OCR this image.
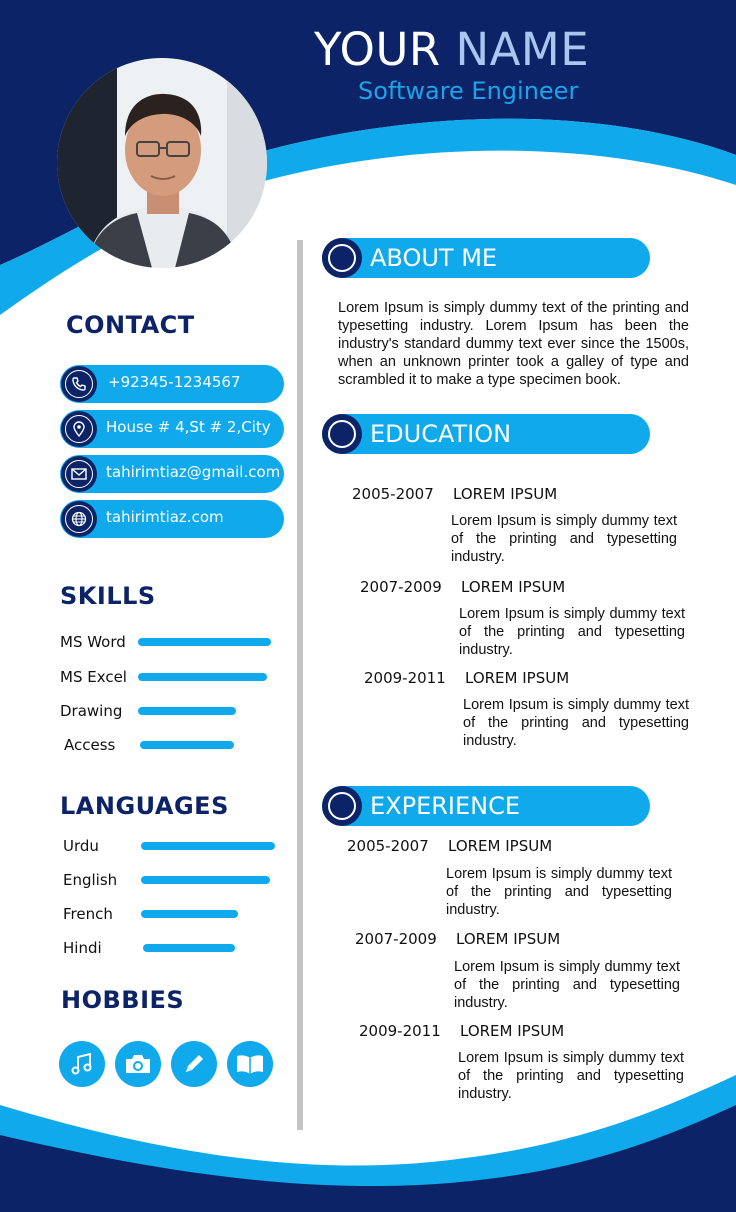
YOUR NAME
Software Engineer
CONTACT
+92345-1234567
House # 4,St # 2,City
tahirimtiaz@gmail.com
tahirimtiaz.com
SKILLS
MS Word
MS Excel
Drawing
Access
LANGUAGES
Urdu
English
French
Hindi
HOBBIES
ABOUT ME
Lorem Ipsum is simply dummy text of the printing and typesetting industry. Lorem Ipsum has been the industry's standard dummy text ever since the 1500s, when an unknown printer took a galley of type and scrambled it to make a type specimen book.
EDUCATION
2005-2007 LOREM IPSUM
Lorem Ipsum is simply dummy text of the printing and typesetting industry.
2007-2009 LOREM IPSUM
Lorem Ipsum is simply dummy text of the printing and typesetting industry.
2009-2011 LOREM IPSUM
Lorem Ipsum is simply dummy text of the printing and typesetting industry.
EXPERIENCE
2005-2007 LOREM IPSUM
Lorem Ipsum is simply dummy text of the printing and typesetting industry.
2007-2009 LOREM IPSUM
Lorem Ipsum is simply dummy text of the printing and typesetting industry.
2009-2011 LOREM IPSUM
Lorem Ipsum is simply dummy text of the printing and typesetting industry.
